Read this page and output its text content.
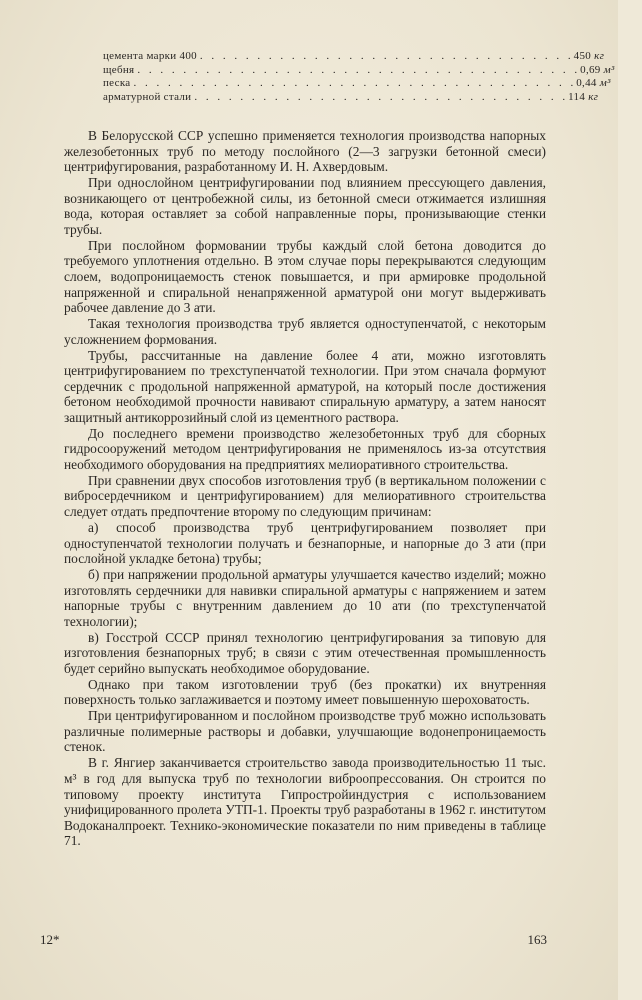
цемента марки 400 . . . . . . . . . . . . . . . . . . . . . . . . . . . . . . . . . 450 кг
щебня . . . . . . . . . . . . . . . . . . . . . . . . . . . . . . . . . . . . . . . 0,69 м³
песка . . . . . . . . . . . . . . . . . . . . . . . . . . . . . . . . . . . . . . . 0,44 м³
арматурной стали . . . . . . . . . . . . . . . . . . . . . . . . . . . . . . . . . 114 кг

В Белорусской ССР успешно применяется технология производства напорных железобетонных труб по методу послойного (2—3 загрузки бетонной смеси) центрифугирования, разработанному И. Н. Ахвердовым.

При однослойном центрифугировании под влиянием прессующего давления, возникающего от центробежной силы, из бетонной смеси отжимается излишняя вода, которая оставляет за собой направленные поры, пронизывающие стенки трубы.

При послойном формовании трубы каждый слой бетона доводится до требуемого уплотнения отдельно. В этом случае поры перекрываются следующим слоем, водопроницаемость стенок повышается, и при армировке продольной напряженной и спиральной ненапряженной арматурой они могут выдерживать рабочее давление до 3 ати.

Такая технология производства труб является одноступенчатой, с некоторым усложнением формования.

Трубы, рассчитанные на давление более 4 ати, можно изготовлять центрифугированием по трехступенчатой технологии. При этом сначала формуют сердечник с продольной напряженной арматурой, на который после достижения бетоном необходимой прочности навивают спиральную арматуру, а затем наносят защитный антикоррозийный слой из цементного раствора.

До последнего времени производство железобетонных труб для сборных гидросооружений методом центрифугирования не применялось из-за отсутствия необходимого оборудования на предприятиях мелиоративного строительства.

При сравнении двух способов изготовления труб (в вертикальном положении с вибросердечником и центрифугированием) для мелиоративного строительства следует отдать предпочтение второму по следующим причинам:

а) способ производства труб центрифугированием позволяет при одноступенчатой технологии получать и безнапорные, и напорные до 3 ати (при послойной укладке бетона) трубы;

б) при напряжении продольной арматуры улучшается качество изделий; можно изготовлять сердечники для навивки спиральной арматуры с напряжением и затем напорные трубы с внутренним давлением до 10 ати (по трехступенчатой технологии);

в) Госстрой СССР принял технологию центрифугирования за типовую для изготовления безнапорных труб; в связи с этим отечественная промышленность будет серийно выпускать необходимое оборудование.

Однако при таком изготовлении труб (без прокатки) их внутренняя поверхность только заглаживается и поэтому имеет повышенную шероховатость.

При центрифугированном и послойном производстве труб можно использовать различные полимерные растворы и добавки, улучшающие водонепроницаемость стенок.

В г. Янгиер заканчивается строительство завода производительностью 11 тыс. м³ в год для выпуска труб по технологии виброопрессования. Он строится по типовому проекту института Гипростройиндустрия с использованием унифицированного пролета УТП-1. Проекты труб разработаны в 1962 г. институтом Водоканалпроект. Технико-экономические показатели по ним приведены в таблице 71.

12*	163
